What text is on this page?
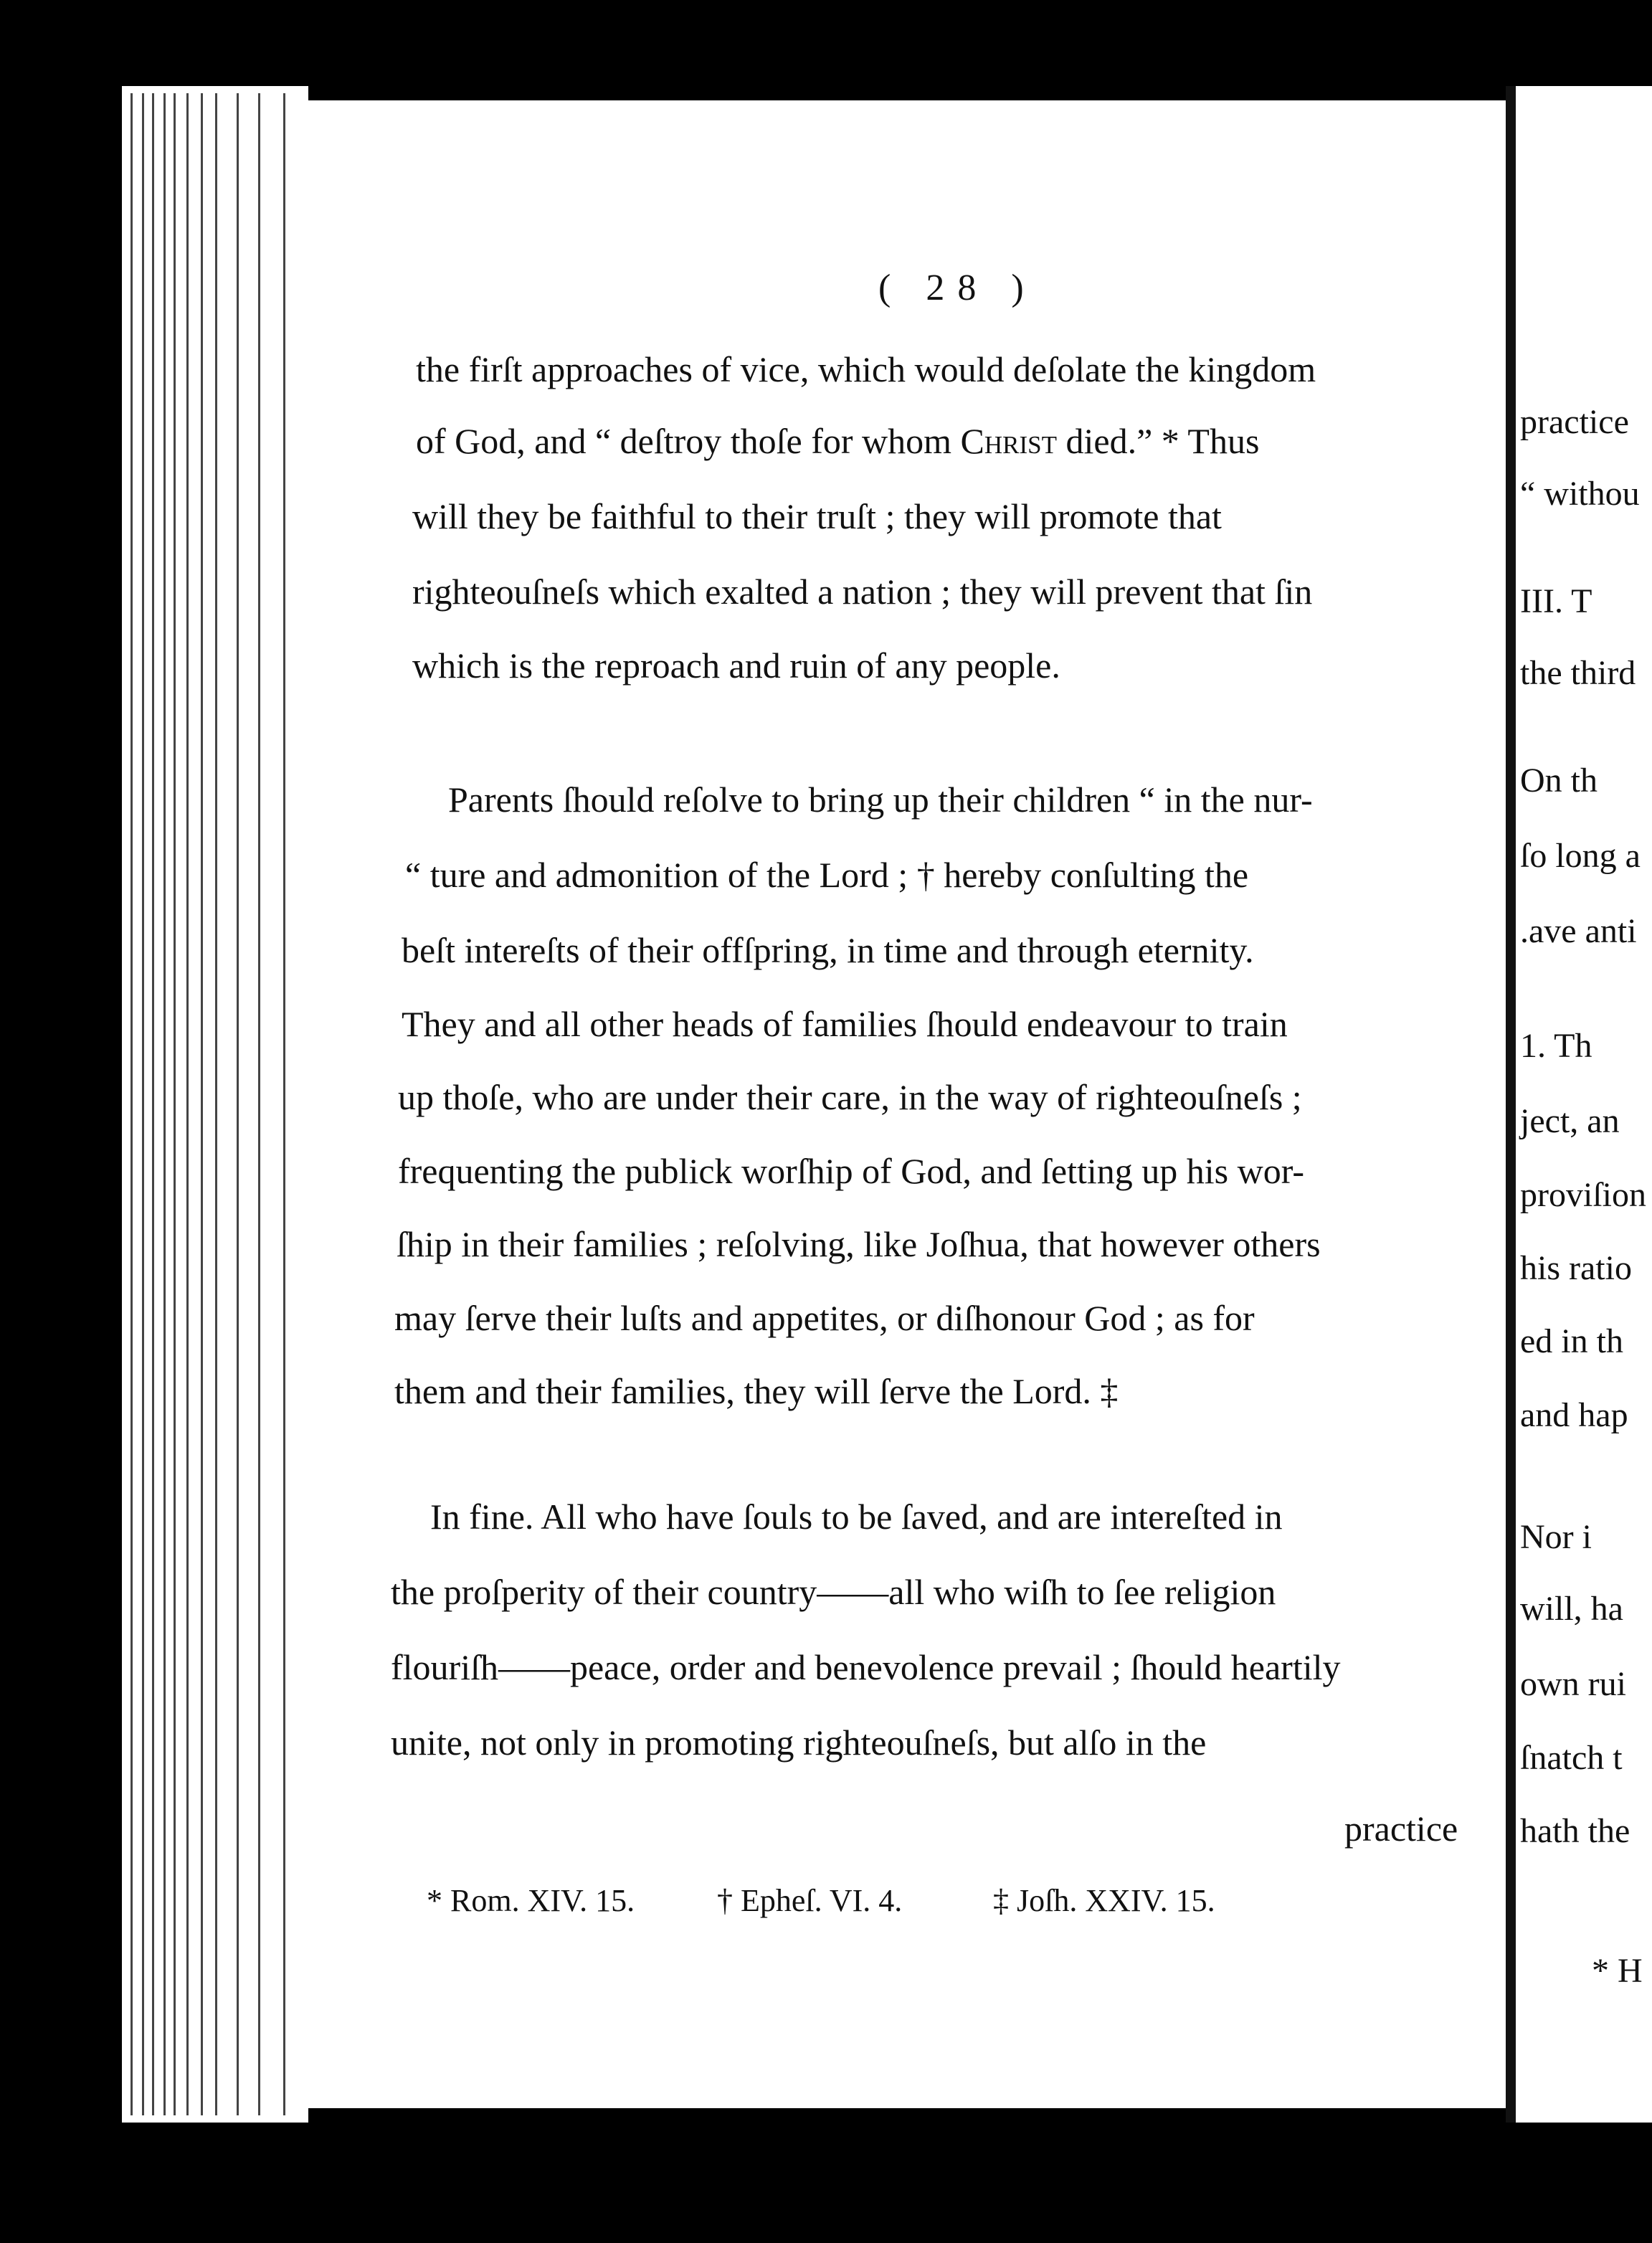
( 28 )
the firſt approaches of vice, which would deſolate the kingdom
of God, and “ deſtroy thoſe for whom Christ died.” * Thus
will they be faithful to their truſt ; they will promote that
righteouſneſs which exalted a nation ; they will prevent that ſin
which is the reproach and ruin of any people.
Parents ſhould reſolve to bring up their children “ in the nur-
“ ture and admonition of the Lord ; † hereby conſulting the
beſt intereſts of their offſpring, in time and through eternity.
They and all other heads of families ſhould endeavour to train
up thoſe, who are under their care, in the way of righteouſneſs ;
frequenting the publick worſhip of God, and ſetting up his wor-
ſhip in their families ; reſolving, like Joſhua, that however others
may ſerve their luſts and appetites, or diſhonour God ; as for
them and their families, they will ſerve the Lord. ‡
In fine. All who have ſouls to be ſaved, and are intereſted in
the proſperity of their country——all who wiſh to ſee religion
flouriſh——peace, order and benevolence prevail ; ſhould heartily
unite, not only in promoting righteouſneſs, but alſo in the
practice
* Rom. XIV. 15.	† Epheſ. VI. 4.	‡ Joſh. XXIV. 15.
practice
“ withou
III. T
the third
On th
ſo long a
.ave anti
1. Th
ject, an
proviſion
his ratio
ed in th
and hap
Nor i
will, ha
own rui
ſnatch t
hath the
* H
